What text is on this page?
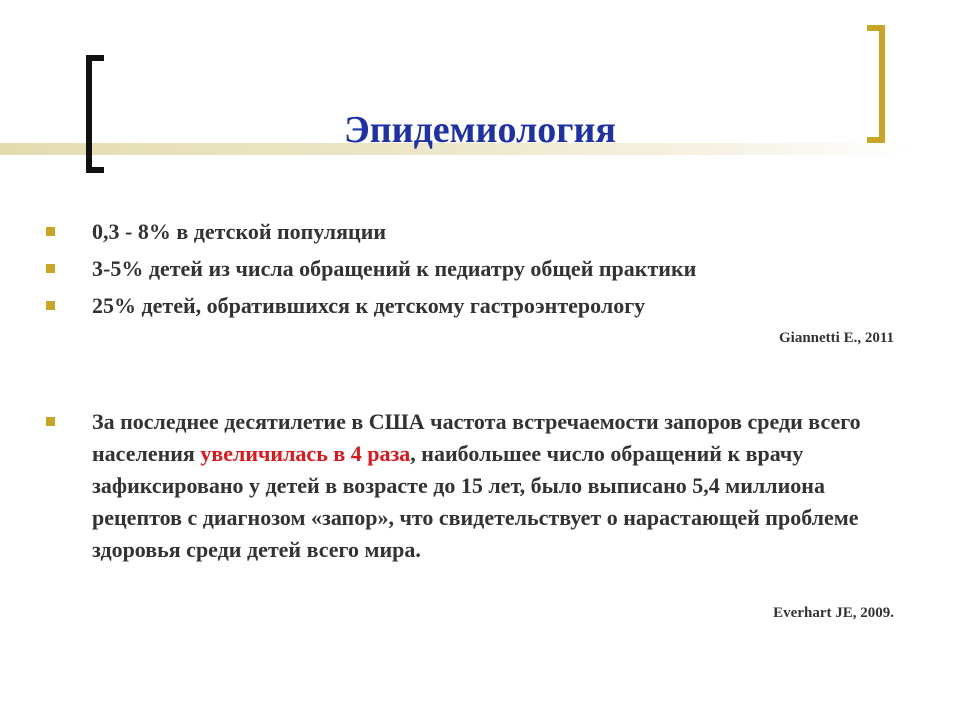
Эпидемиология
0,3 - 8% в детской популяции
3-5% детей из числа обращений к педиатру общей практики
25% детей, обратившихся к детскому гастроэнтерологу
За последнее десятилетие в США частота встречаемости запоров среди всего населения увеличилась в 4 раза, наибольшее число обращений к врачу зафиксировано у детей в возрасте до 15 лет, было выписано 5,4 миллиона рецептов с диагнозом «запор», что свидетельствует о нарастающей проблеме здоровья среди детей всего мира.
Giannetti E., 2011
Everhart JE, 2009.
